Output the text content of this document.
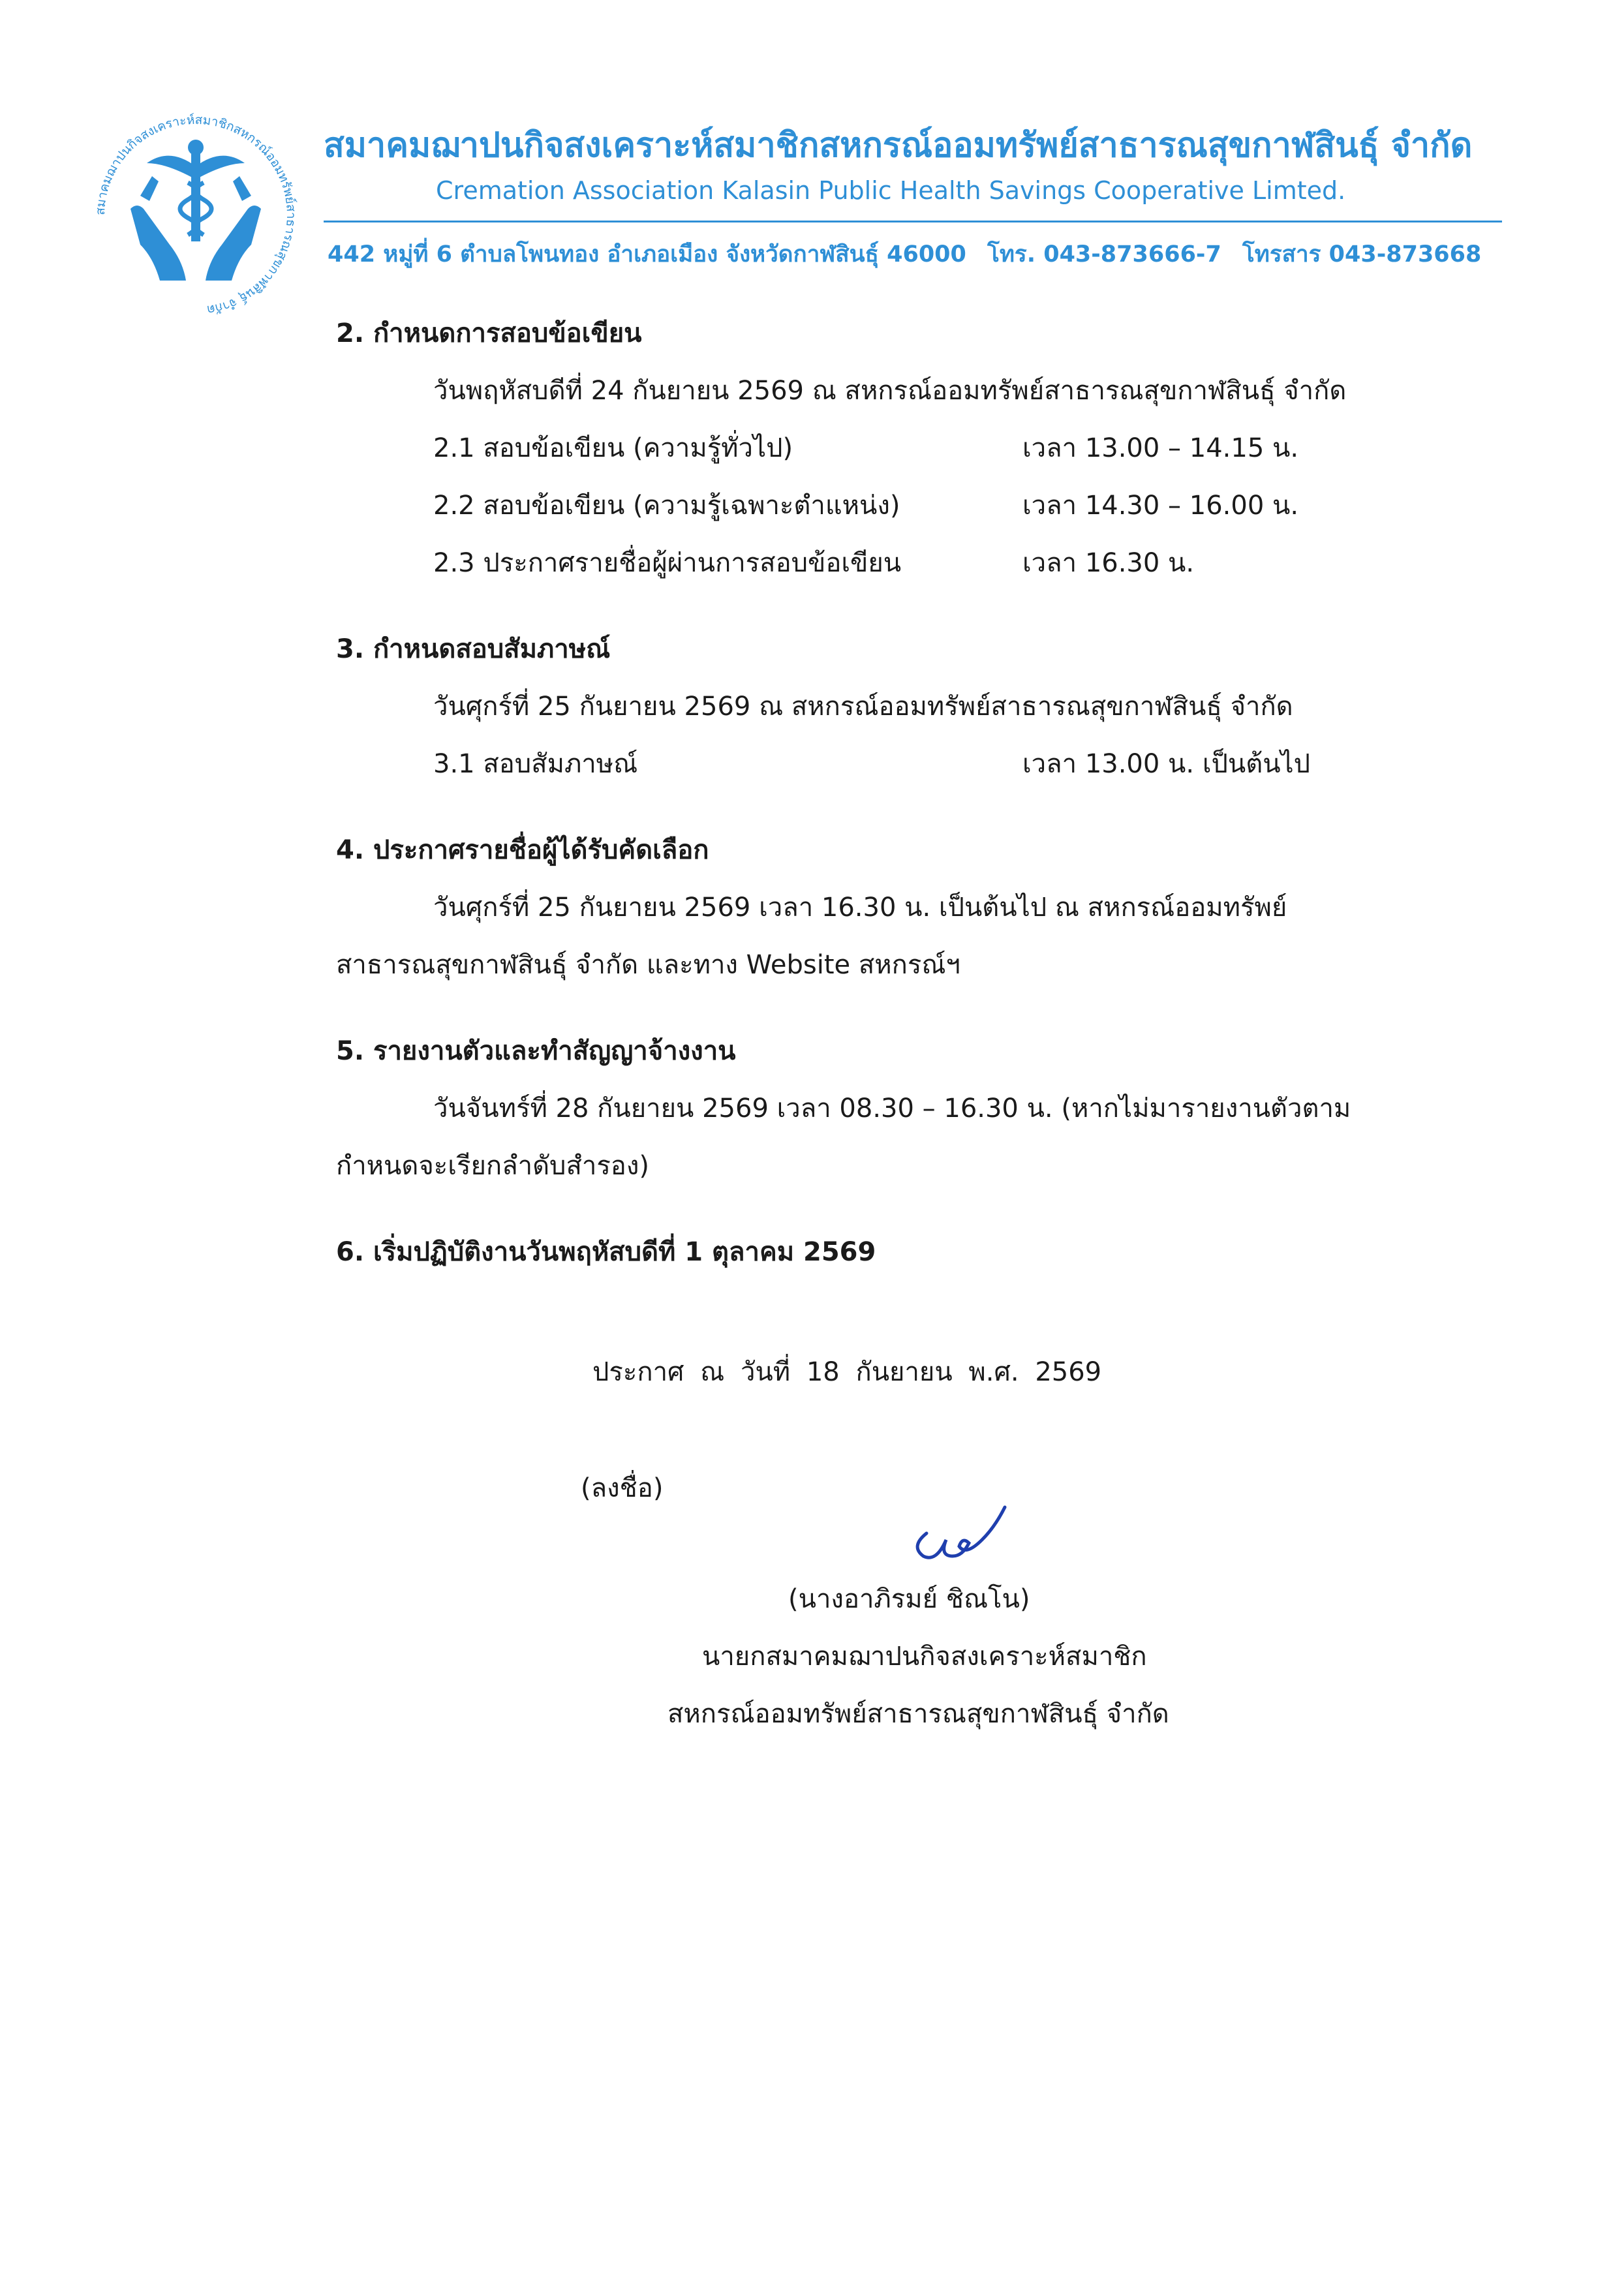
สมาคมฌาปนกิจสงเคราะห์สมาชิกสหกรณ์ออมทรัพย์สาธารณสุขกาฬสินธุ์ จำกัด
สมาคมฌาปนกิจสงเคราะห์สมาชิกสหกรณ์ออมทรัพย์สาธารณสุขกาฬสินธุ์ จำกัด
Cremation Association Kalasin Public Health Savings Cooperative Limted.
442 หมู่ที่ 6 ตำบลโพนทอง อำเภอเมือง จังหวัดกาฬสินธุ์ 46000 โทร. 043-873666-7 โทรสาร 043-873668
2. กำหนดการสอบข้อเขียน
วันพฤหัสบดีที่ 24 กันยายน 2569 ณ สหกรณ์ออมทรัพย์สาธารณสุขกาฬสินธุ์ จำกัด
2.1 สอบข้อเขียน (ความรู้ทั่วไป)	เวลา 13.00 – 14.15 น.
2.2 สอบข้อเขียน (ความรู้เฉพาะตำแหน่ง)	เวลา 14.30 – 16.00 น.
2.3 ประกาศรายชื่อผู้ผ่านการสอบข้อเขียน	เวลา 16.30 น.
3. กำหนดสอบสัมภาษณ์
วันศุกร์ที่ 25 กันยายน 2569 ณ สหกรณ์ออมทรัพย์สาธารณสุขกาฬสินธุ์ จำกัด
3.1 สอบสัมภาษณ์	เวลา 13.00 น. เป็นต้นไป
4. ประกาศรายชื่อผู้ได้รับคัดเลือก
วันศุกร์ที่ 25 กันยายน 2569 เวลา 16.30 น. เป็นต้นไป ณ สหกรณ์ออมทรัพย์
สาธารณสุขกาฬสินธุ์ จำกัด และทาง Website สหกรณ์ฯ
5. รายงานตัวและทำสัญญาจ้างงาน
วันจันทร์ที่ 28 กันยายน 2569 เวลา 08.30 – 16.30 น. (หากไม่มารายงานตัวตาม
กำหนดจะเรียกลำดับสำรอง)
6. เริ่มปฏิบัติงานวันพฤหัสบดีที่ 1 ตุลาคม 2569
ประกาศ ณ วันที่ 18 กันยายน พ.ศ. 2569
(ลงชื่อ)
(นางอาภิรมย์ ชิณโน)
นายกสมาคมฌาปนกิจสงเคราะห์สมาชิก
สหกรณ์ออมทรัพย์สาธารณสุขกาฬสินธุ์ จำกัด
